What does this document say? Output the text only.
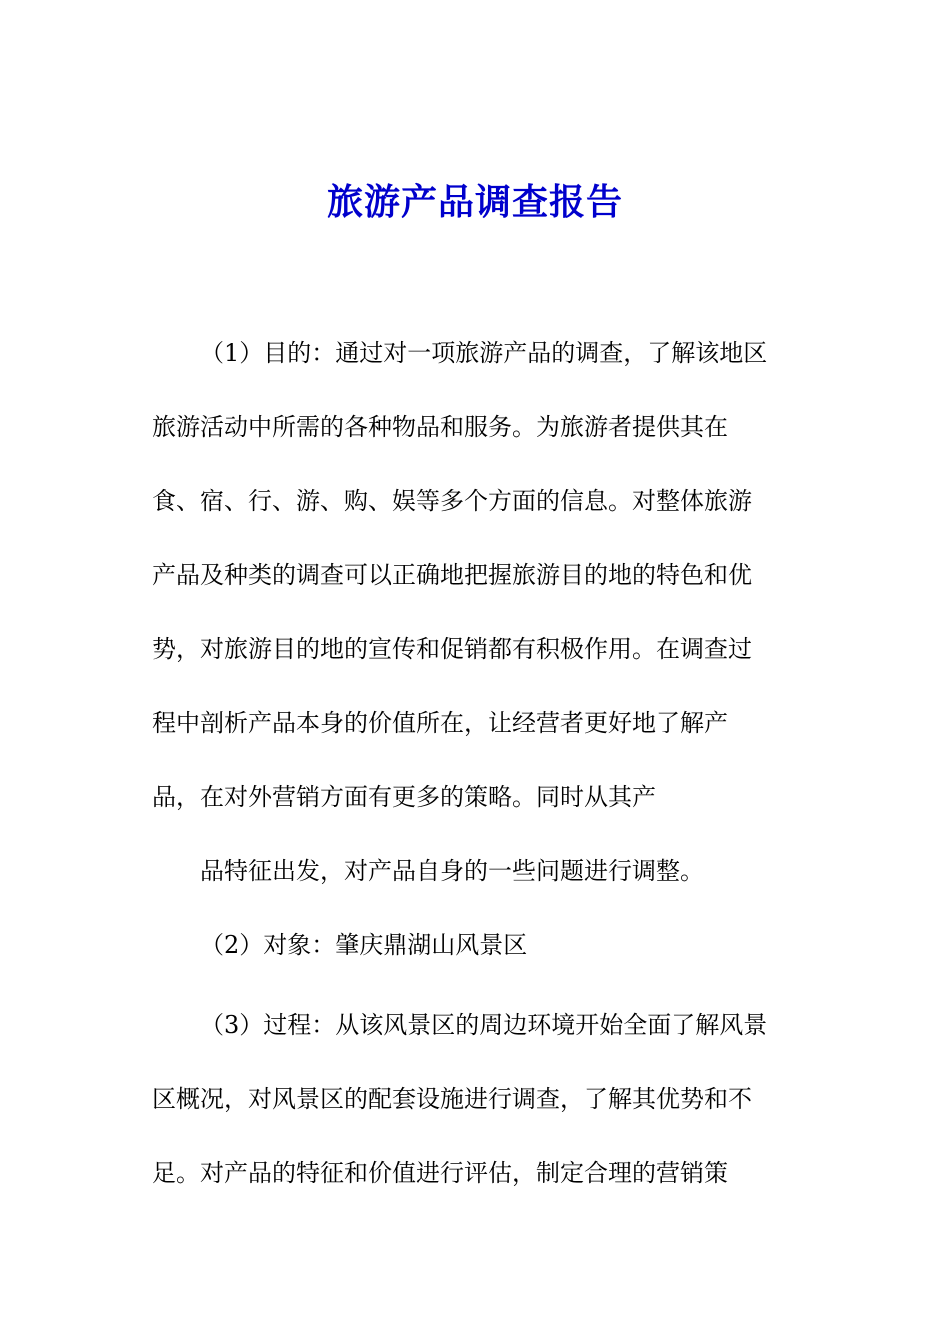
旅游产品调查报告
（1）目的：通过对一项旅游产品的调查，了解该地区
旅游活动中所需的各种物品和服务。为旅游者提供其在
食、宿、行、游、购、娱等多个方面的信息。对整体旅游
产品及种类的调查可以正确地把握旅游目的地的特色和优
势，对旅游目的地的宣传和促销都有积极作用。在调查过
程中剖析产品本身的价值所在，让经营者更好地了解产
品，在对外营销方面有更多的策略。同时从其产
品特征出发，对产品自身的一些问题进行调整。
（2）对象：肇庆鼎湖山风景区
（3）过程：从该风景区的周边环境开始全面了解风景
区概况，对风景区的配套设施进行调查，了解其优势和不
足。对产品的特征和价值进行评估，制定合理的营销策
